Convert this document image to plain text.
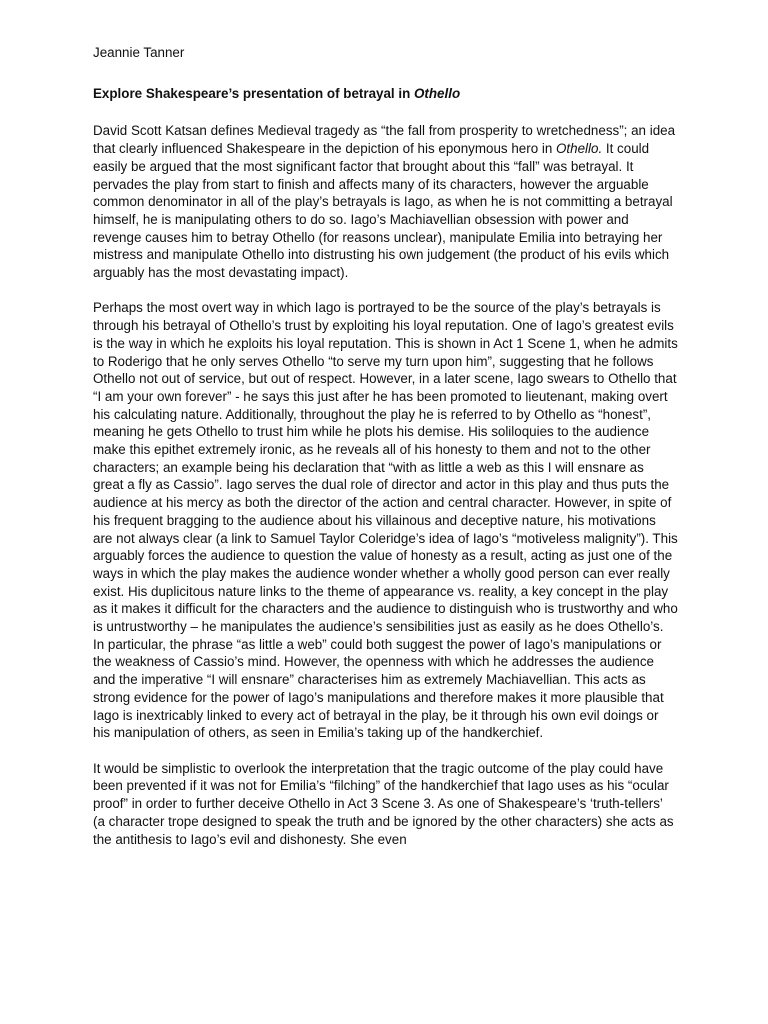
Jeannie Tanner
Explore Shakespeare’s presentation of betrayal in Othello

David Scott Katsan defines Medieval tragedy as “the fall from prosperity to wretchedness”; an idea that clearly influenced Shakespeare in the depiction of his eponymous hero in Othello. It could easily be argued that the most significant factor that brought about this “fall” was betrayal. It pervades the play from start to finish and affects many of its characters, however the arguable common denominator in all of the play’s betrayals is Iago, as when he is not committing a betrayal himself, he is manipulating others to do so. Iago’s Machiavellian obsession with power and revenge causes him to betray Othello (for reasons unclear), manipulate Emilia into betraying her mistress and manipulate Othello into distrusting his own judgement (the product of his evils which arguably has the most devastating impact).

Perhaps the most overt way in which Iago is portrayed to be the source of the play’s betrayals is through his betrayal of Othello’s trust by exploiting his loyal reputation. One of Iago’s greatest evils is the way in which he exploits his loyal reputation. This is shown in Act 1 Scene 1, when he admits to Roderigo that he only serves Othello “to serve my turn upon him”, suggesting that he follows Othello not out of service, but out of respect. However, in a later scene, Iago swears to Othello that “I am your own forever” - he says this just after he has been promoted to lieutenant, making overt his calculating nature. Additionally, throughout the play he is referred to by Othello as “honest”, meaning he gets Othello to trust him while he plots his demise. His soliloquies to the audience make this epithet extremely ironic, as he reveals all of his honesty to them and not to the other characters; an example being his declaration that “with as little a web as this I will ensnare as great a fly as Cassio”. Iago serves the dual role of director and actor in this play and thus puts the audience at his mercy as both the director of the action and central character. However, in spite of his frequent bragging to the audience about his villainous and deceptive nature, his motivations are not always clear (a link to Samuel Taylor Coleridge’s idea of Iago’s “motiveless malignity”). This arguably forces the audience to question the value of honesty as a result, acting as just one of the ways in which the play makes the audience wonder whether a wholly good person can ever really exist. His duplicitous nature links to the theme of appearance vs. reality, a key concept in the play as it makes it difficult for the characters and the audience to distinguish who is trustworthy and who is untrustworthy – he manipulates the audience’s sensibilities just as easily as he does Othello’s. In particular, the phrase “as little a web” could both suggest the power of Iago’s manipulations or the weakness of Cassio’s mind. However, the openness with which he addresses the audience and the imperative “I will ensnare” characterises him as extremely Machiavellian. This acts as strong evidence for the power of Iago’s manipulations and therefore makes it more plausible that Iago is inextricably linked to every act of betrayal in the play, be it through his own evil doings or his manipulation of others, as seen in Emilia’s taking up of the handkerchief.

It would be simplistic to overlook the interpretation that the tragic outcome of the play could have been prevented if it was not for Emilia’s “filching” of the handkerchief that Iago uses as his “ocular proof” in order to further deceive Othello in Act 3 Scene 3. As one of Shakespeare’s ‘truth-tellers’ (a character trope designed to speak the truth and be ignored by the other characters) she acts as the antithesis to Iago’s evil and dishonesty. She even
